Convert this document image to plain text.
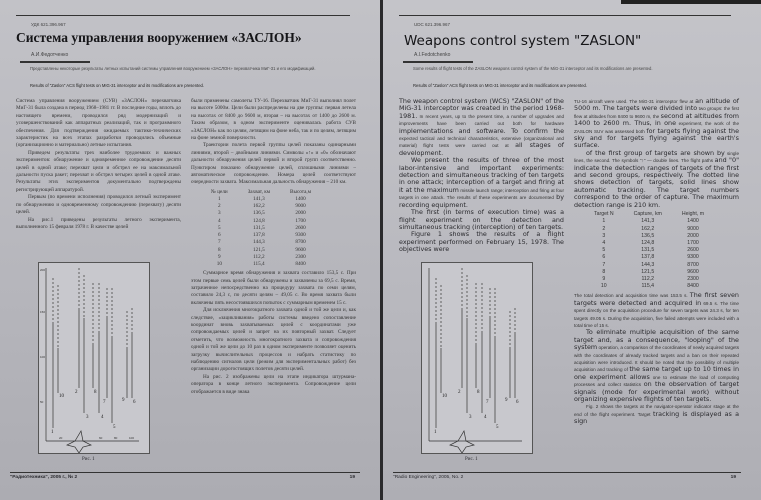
УДК 621.396.967
Система управления вооружением «ЗАСЛОН»
А.И.Федотченко
Представлены некоторые результаты летных испытаний системы управления вооружением «ЗАСЛОН» перехватчика МиГ-31 и его модификаций.
Results of "Zaslon" ACS flight tests on MIG-31 interceptor and its modifications are presented.

Система управления вооружением (СУВ) «ЗАСЛОН» перехватчика МиГ-31 была создана в период 1968–1981 гг. В последние годы, вплоть до настоящего времени, проводился ряд модернизаций и усовершенствований как аппаратных реализаций, так и программного обеспечения. Для подтверждения ожидаемых тактико-технических характеристик на всех этапах разработки проводились объемные (организационно и материально) летные испытания.

Приведем результаты трех наиболее трудоемких и важных экспериментов: обнаружение и одновременное сопровождение десяти целей в одной атаке; перехват цели и обстрел ее на максимальной дальности пуска ракет; перехват и обстрел четырех целей в одной атаке. Результаты этих экспериментов документально подтверждены регистрирующей аппаратурой.

Первым (по времени исполнения) проводился летный эксперимент по обнаружению и одновременному сопровождению (перехвату) десяти целей.

На рис.1 приведены результаты летного эксперимента, выполненного 15 февраля 1978 г. В качестве целей

1
2
3	4
5
6
7
8
9
10
200
150
100
50
20	60	80	100
Рис. 1

были применены самолеты ТУ-16. Перехватчик МиГ-31 выполнял полет на высоте 5000м. Цели были распределены на две группы: первая летела на высотах от 8400 до 9600 м, вторая – на высотах от 1400 до 2600 м. Таким образом, в одном эксперименте оценивалась работа СУВ «ЗАСЛОН» как по целям, летящим на фоне неба, так и по целям, летящим на фоне земной поверхности.

Траектории полета первой группы целей показаны одинарными линиями, второй – двойными линиями. Символы «↑» и «0» обозначают дальности обнаружения целей первой и второй групп соответственно. Пунктиром показано обнаружение целей, сплошными линиями – автоматическое сопровождение. Номера целей соответствуют очередности захвата. Максимальная дальность обнаружения – 210 км.

№ цели	Захват, км	Высота,м
1	141,3	1400
2	162,2	9000
3	136,5	2000
4	124,8	1700
5	131,5	2600
6	137,8	9300
7	144,3	8700
8	121,5	9600
9	112,2	2300
10	115,4	8400

Суммарное время обнаружения и захвата составило 153,5 с. При этом первые семь целей были обнаружены и захвачены за 69,5 с. Время, затраченное непосредственно на процедуру захвата по семи целям, составило 24,3 с, по десяти целям – 49,05 с. Во время захвата были включены пять несостоявшихся попыток с суммарным временем 15 с.

Для исключения многократного захвата одной и той же цели и, как следствие, «зацикливания» работы системы введено сопоставление координат вновь захватываемых целей с координатами уже сопровождаемых целей и запрет на их повторный захват. Следует отметить, что возможность многократного захвата и сопровождения одной и той же цели до 10 раз в одном эксперименте позволяет оценить загрузку вычислительных процессов и набрать статистику по наблюдению сигналов цели (режим для экспериментальных работ) без организации дорогостоящих полетов десяти целей.

На рис. 2 изображены цели на этапе индикатора штурмана-оператора в конце летного эксперимента. Сопровождение цели отображается в виде знака

"Радиотехника", 2005 г., № 2	19
UDC 621.396.967
Weapons control system "ZASLON"
A.I.Fedotchenko
Some results of flight tests of the ZASLON weapons control system of the MiG-31 interceptor and its modifications are presented.
Results of "Zaslon" ACS flight tests on MIG-31 interceptor and its modifications are presented.

The weapon control system (WCS) "ZASLON" of the MiG-31 interceptor was created in the period 1968-1981. In recent years, up to the present time, a number of upgrades and improvements have been carried out both for hardware implementations and software. To confirm the expected tactical and technical characteristics, extensive (organizational and material) flight tests were carried out at all stages of development.

We present the results of three of the most labor-intensive and important experiments: detection and simultaneous tracking of ten targets in one attack; interception of a target and firing at it at the maximum missile launch range; interception and firing at four targets in one attack. The results of these experiments are documented by recording equipment.

The first (in terms of execution time) was a flight experiment on the detection and simultaneous tracking (interception) of ten targets.

Figure 1 shows the results of a flight experiment performed on February 15, 1978. The objectives were

1
2
3	4
5
6
7
8
9
10
Рис. 1

TU-16 aircraft were used. The MiG-31 interceptor flew at an altitude of 5000 m. The targets were divided into two groups: the first flew at altitudes from 8400 to 9600 m, the second at altitudes from 1400 to 2600 m. Thus, in one experiment, the work of the ZASLON SUV was assessed both for targets flying against the sky and for targets flying against the earth's surface.

of the first group of targets are shown by single lines, the second. The symbols "↑" — double lines. The flight paths and "0" indicate the detection ranges of targets of the first and second groups, respectively. The dotted line shows detection of targets, solid lines show automatic tracking. The target numbers correspond to the order of capture. The maximum detection range is 210 km.

Target N	Capture, km	Height, m
1	141,3	1400
2	162,2	9000
3	136,5	2000
4	124,8	1700
5	131,5	2600
6	137,8	9300
7	144,3	8700
8	121,5	9600
9	112,2	2300
10	115,4	8400

The total detection and acquisition time was 153.5 s. The first seven targets were detected and acquired in 69.5 s. The time spent directly on the acquisition procedure for seven targets was 24.3 s, for ten targets 49.05 s. During the acquisition, five failed attempts were included with a total time of 15 s.

To eliminate multiple acquisition of the same target and, as a consequence, "looping" of the system operation, a comparison of the coordinates of newly acquired targets with the coordinates of already tracked targets and a ban on their repeated acquisition were introduced. It should be noted that the possibility of multiple acquisition and tracking of the same target up to 10 times in one experiment allows one to estimate the load of computing processes and collect statistics on the observation of target signals (mode for experimental work) without organizing expensive flights of ten targets.

Fig. 2 shows the targets at the navigator-operator indicator stage at the end of the flight experiment. Target tracking is displayed as a sign

"Radio Engineering", 2005, No. 2	19
